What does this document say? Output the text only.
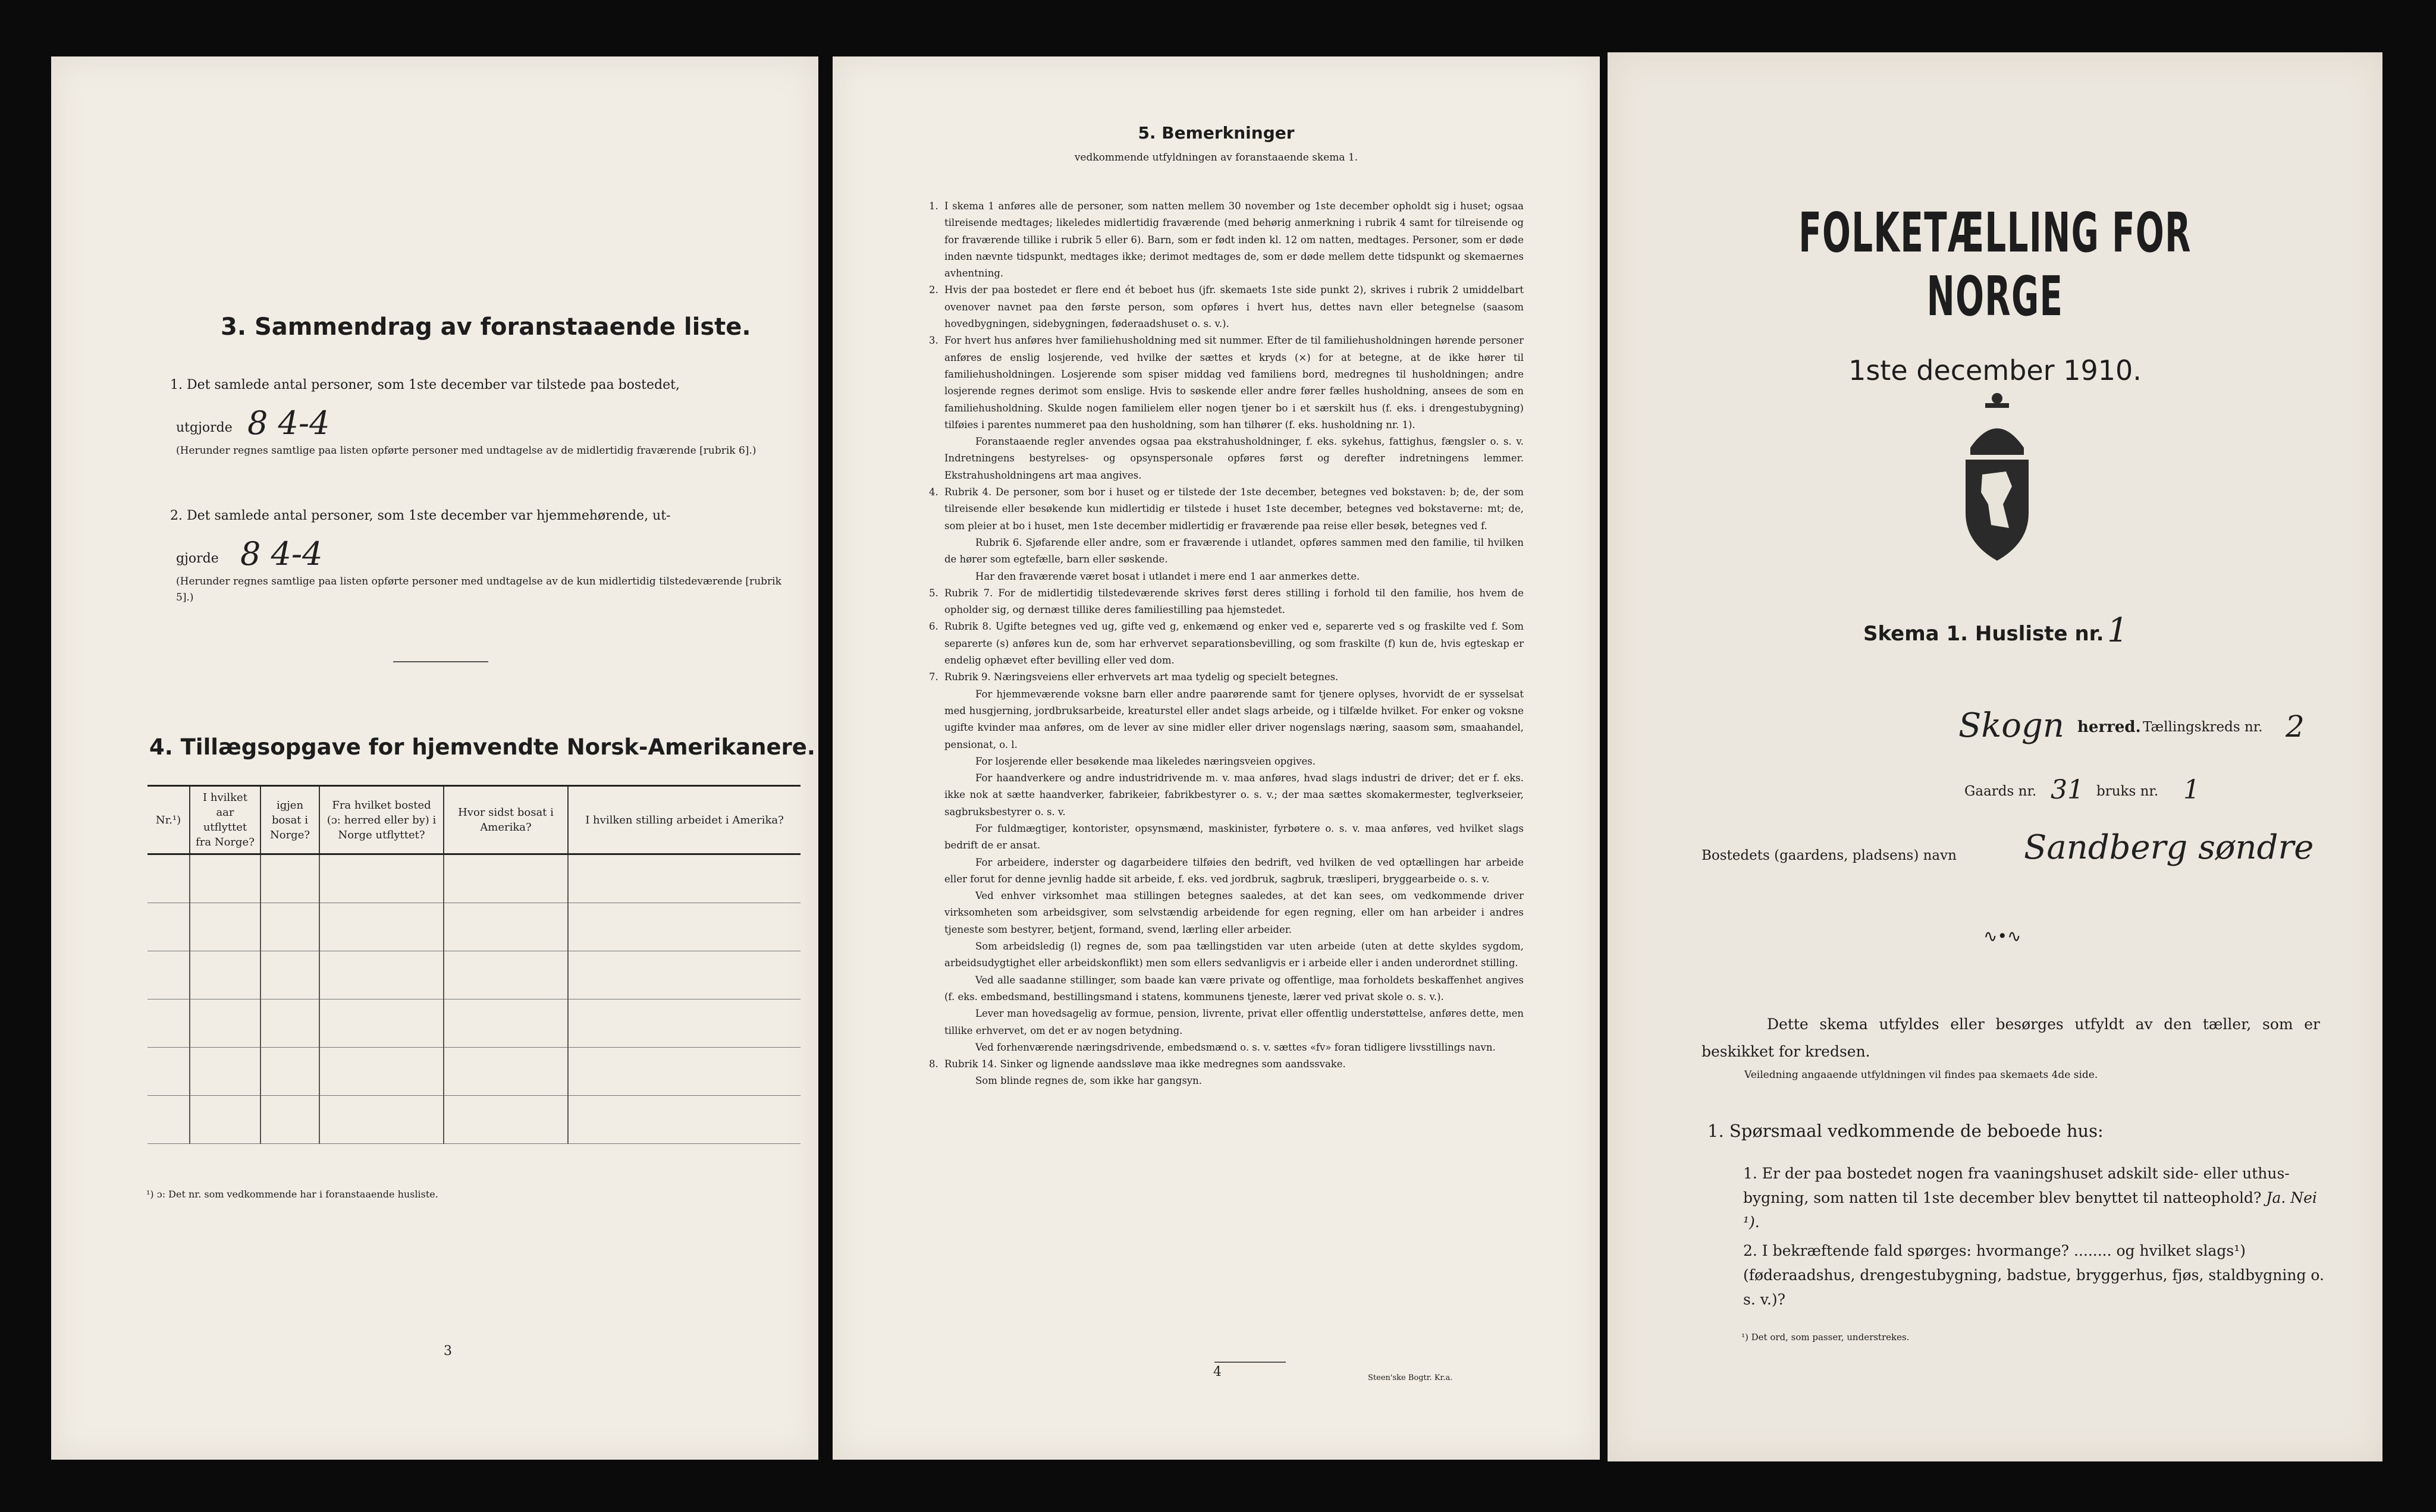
3. Sammendrag av foranstaaende liste.
1. Det samlede antal personer, som 1ste december var tilstede paa bostedet,
utgjorde 8 4-4
(Herunder regnes samtlige paa listen opførte personer med undtagelse av de midlertidig fraværende [rubrik 6].)
2. Det samlede antal personer, som 1ste december var hjemmehørende, ut-
gjorde 8 4-4
(Herunder regnes samtlige paa listen opførte personer med undtagelse av de kun midlertidig tilstedeværende [rubrik 5].)
4. Tillægsopgave for hjemvendte Norsk-Amerikanere.
Nr.¹)	I hvilket aar utflyttet fra Norge?	igjen bosat i Norge?	Fra hvilket bosted (ɔ: herred eller by) i Norge utflyttet?	Hvor sidst bosat i Amerika?	I hvilken stilling arbeidet i Amerika?

¹) ɔ: Det nr. som vedkommende har i foranstaaende husliste.
3
5. Bemerkninger
vedkommende utfyldningen av foranstaaende skema 1.
1. I skema 1 anføres alle de personer, som natten mellem 30 november og 1ste december opholdt sig i huset; ogsaa tilreisende medtages; likeledes midlertidig fraværende (med behørig anmerkning i rubrik 4 samt for tilreisende og for fraværende tillike i rubrik 5 eller 6). Barn, som er født inden kl. 12 om natten, medtages. Personer, som er døde inden nævnte tidspunkt, medtages ikke; derimot medtages de, som er døde mellem dette tidspunkt og skemaernes avhentning.

2. Hvis der paa bostedet er flere end ét beboet hus (jfr. skemaets 1ste side punkt 2), skrives i rubrik 2 umiddelbart ovenover navnet paa den første person, som opføres i hvert hus, dettes navn eller betegnelse (saasom hovedbygningen, sidebygningen, føderaadshuset o. s. v.).

3. For hvert hus anføres hver familiehusholdning med sit nummer. Efter de til familiehusholdningen hørende personer anføres de enslig losjerende, ved hvilke der sættes et kryds (×) for at betegne, at de ikke hører til familiehusholdningen. Losjerende som spiser middag ved familiens bord, medregnes til husholdningen; andre losjerende regnes derimot som enslige. Hvis to søskende eller andre fører fælles husholdning, ansees de som en familiehusholdning. Skulde nogen familielem eller nogen tjener bo i et særskilt hus (f. eks. i drengestubygning) tilføies i parentes nummeret paa den husholdning, som han tilhører (f. eks. husholdning nr. 1).

Foranstaaende regler anvendes ogsaa paa ekstrahusholdninger, f. eks. sykehus, fattighus, fængsler o. s. v. Indretningens bestyrelses- og opsynspersonale opføres først og derefter indretningens lemmer. Ekstrahusholdningens art maa angives.

4. Rubrik 4. De personer, som bor i huset og er tilstede der 1ste december, betegnes ved bokstaven: b; de, der som tilreisende eller besøkende kun midlertidig er tilstede i huset 1ste december, betegnes ved bokstaverne: mt; de, som pleier at bo i huset, men 1ste december midlertidig er fraværende paa reise eller besøk, betegnes ved f.

Rubrik 6. Sjøfarende eller andre, som er fraværende i utlandet, opføres sammen med den familie, til hvilken de hører som egtefælle, barn eller søskende.

Har den fraværende været bosat i utlandet i mere end 1 aar anmerkes dette.

5. Rubrik 7. For de midlertidig tilstedeværende skrives først deres stilling i forhold til den familie, hos hvem de opholder sig, og dernæst tillike deres familiestilling paa hjemstedet.

6. Rubrik 8. Ugifte betegnes ved ug, gifte ved g, enkemænd og enker ved e, separerte ved s og fraskilte ved f. Som separerte (s) anføres kun de, som har erhvervet separationsbevilling, og som fraskilte (f) kun de, hvis egteskap er endelig ophævet efter bevilling eller ved dom.

7. Rubrik 9. Næringsveiens eller erhvervets art maa tydelig og specielt betegnes.

For hjemmeværende voksne barn eller andre paarørende samt for tjenere oplyses, hvorvidt de er sysselsat med husgjerning, jordbruksarbeide, kreaturstel eller andet slags arbeide, og i tilfælde hvilket. For enker og voksne ugifte kvinder maa anføres, om de lever av sine midler eller driver nogenslags næring, saasom søm, smaahandel, pensionat, o. l.

For losjerende eller besøkende maa likeledes næringsveien opgives.

For haandverkere og andre industridrivende m. v. maa anføres, hvad slags industri de driver; det er f. eks. ikke nok at sætte haandverker, fabrikeier, fabrikbestyrer o. s. v.; der maa sættes skomakermester, teglverkseier, sagbruksbestyrer o. s. v.

For fuldmægtiger, kontorister, opsynsmænd, maskinister, fyrbøtere o. s. v. maa anføres, ved hvilket slags bedrift de er ansat.

For arbeidere, inderster og dagarbeidere tilføies den bedrift, ved hvilken de ved optællingen har arbeide eller forut for denne jevnlig hadde sit arbeide, f. eks. ved jordbruk, sagbruk, træsliperi, bryggearbeide o. s. v.

Ved enhver virksomhet maa stillingen betegnes saaledes, at det kan sees, om vedkommende driver virksomheten som arbeidsgiver, som selvstændig arbeidende for egen regning, eller om han arbeider i andres tjeneste som bestyrer, betjent, formand, svend, lærling eller arbeider.

Som arbeidsledig (l) regnes de, som paa tællingstiden var uten arbeide (uten at dette skyldes sygdom, arbeidsudygtighet eller arbeidskonflikt) men som ellers sedvanligvis er i arbeide eller i anden underordnet stilling.

Ved alle saadanne stillinger, som baade kan være private og offentlige, maa forholdets beskaffenhet angives (f. eks. embedsmand, bestillingsmand i statens, kommunens tjeneste, lærer ved privat skole o. s. v.).

Lever man hovedsagelig av formue, pension, livrente, privat eller offentlig understøttelse, anføres dette, men tillike erhvervet, om det er av nogen betydning.

Ved forhenværende næringsdrivende, embedsmænd o. s. v. sættes «fv» foran tidligere livsstillings navn.

8. Rubrik 14. Sinker og lignende aandssløve maa ikke medregnes som aandssvake.

Som blinde regnes de, som ikke har gangsyn.

4	Steen'ske Bogtr. Kr.a.
FOLKETÆLLING FOR NORGE
1ste december 1910.
Skema 1. Husliste nr. 1
Skogn herred. Tællingskreds nr. 2
Gaards nr. 31 bruks nr. 1
Bostedets (gaardens, pladsens) navn Sandberg søndre
∿•∿
Dette skema utfyldes eller besørges utfyldt av den tæller, som er beskikket for kredsen.
Veiledning angaaende utfyldningen vil findes paa skemaets 4de side.
1. Spørsmaal vedkommende de beboede hus:
1. Er der paa bostedet nogen fra vaaningshuset adskilt side- eller uthus-bygning, som natten til 1ste december blev benyttet til natteophold? Ja. Nei ¹).
2. I bekræftende fald spørges: hvormange? ........ og hvilket slags¹) (føderaadshus, drengestubygning, badstue, bryggerhus, fjøs, staldbygning o. s. v.)?
¹) Det ord, som passer, understrekes.
